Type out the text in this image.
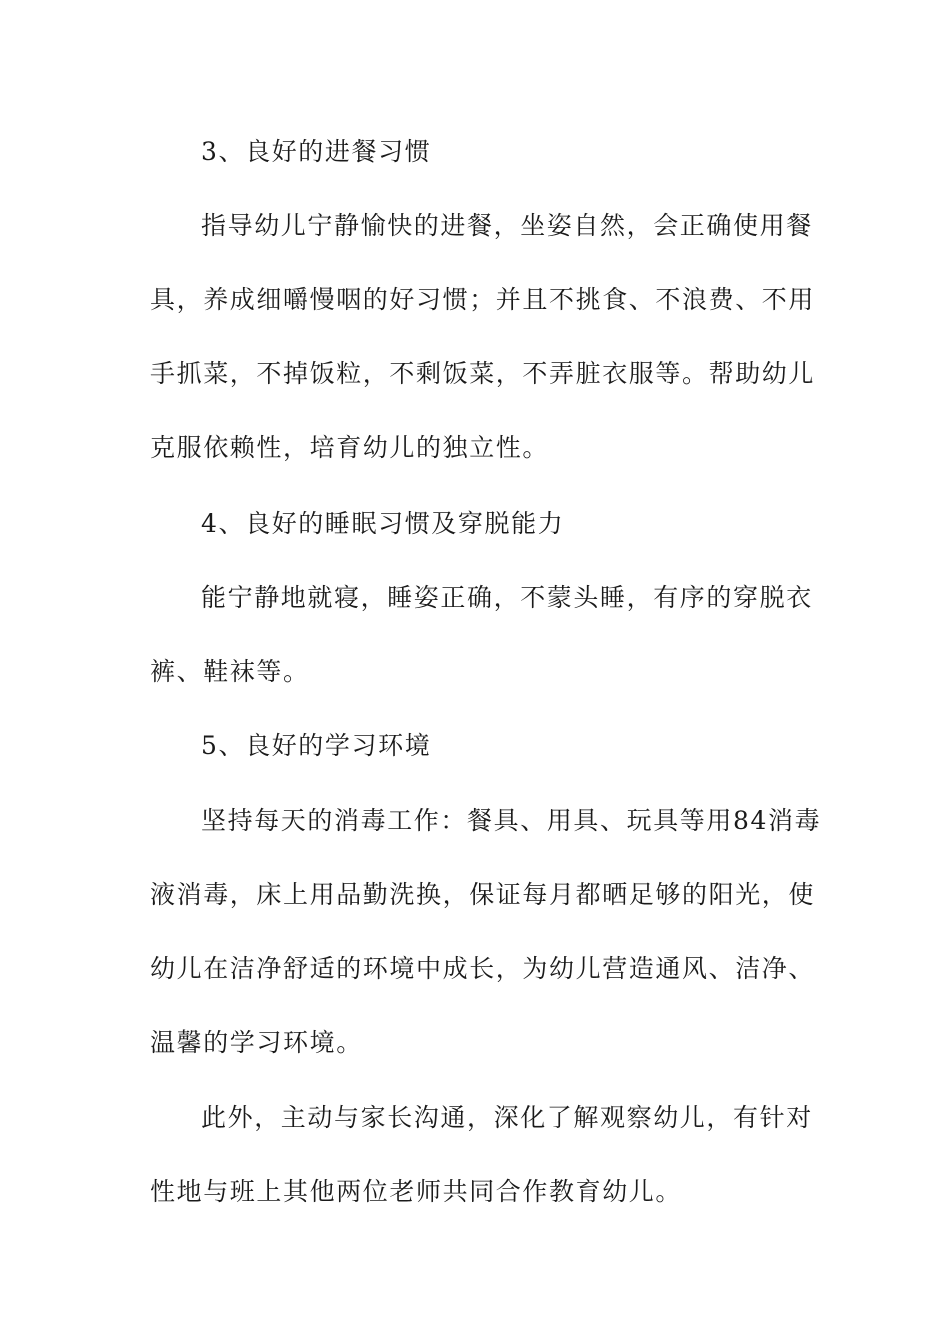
3、良好的进餐习惯
指导幼儿宁静愉快的进餐，坐姿自然，会正确使用餐
具，养成细嚼慢咽的好习惯；并且不挑食、不浪费、不用
手抓菜，不掉饭粒，不剩饭菜，不弄脏衣服等。帮助幼儿
克服依赖性，培育幼儿的独立性。
4、良好的睡眠习惯及穿脱能力
能宁静地就寝，睡姿正确，不蒙头睡，有序的穿脱衣
裤、鞋袜等。
5、良好的学习环境
坚持每天的消毒工作：餐具、用具、玩具等用84消毒
液消毒，床上用品勤洗换，保证每月都晒足够的阳光，使
幼儿在洁净舒适的环境中成长，为幼儿营造通风、洁净、
温馨的学习环境。
此外，主动与家长沟通，深化了解观察幼儿，有针对
性地与班上其他两位老师共同合作教育幼儿。
